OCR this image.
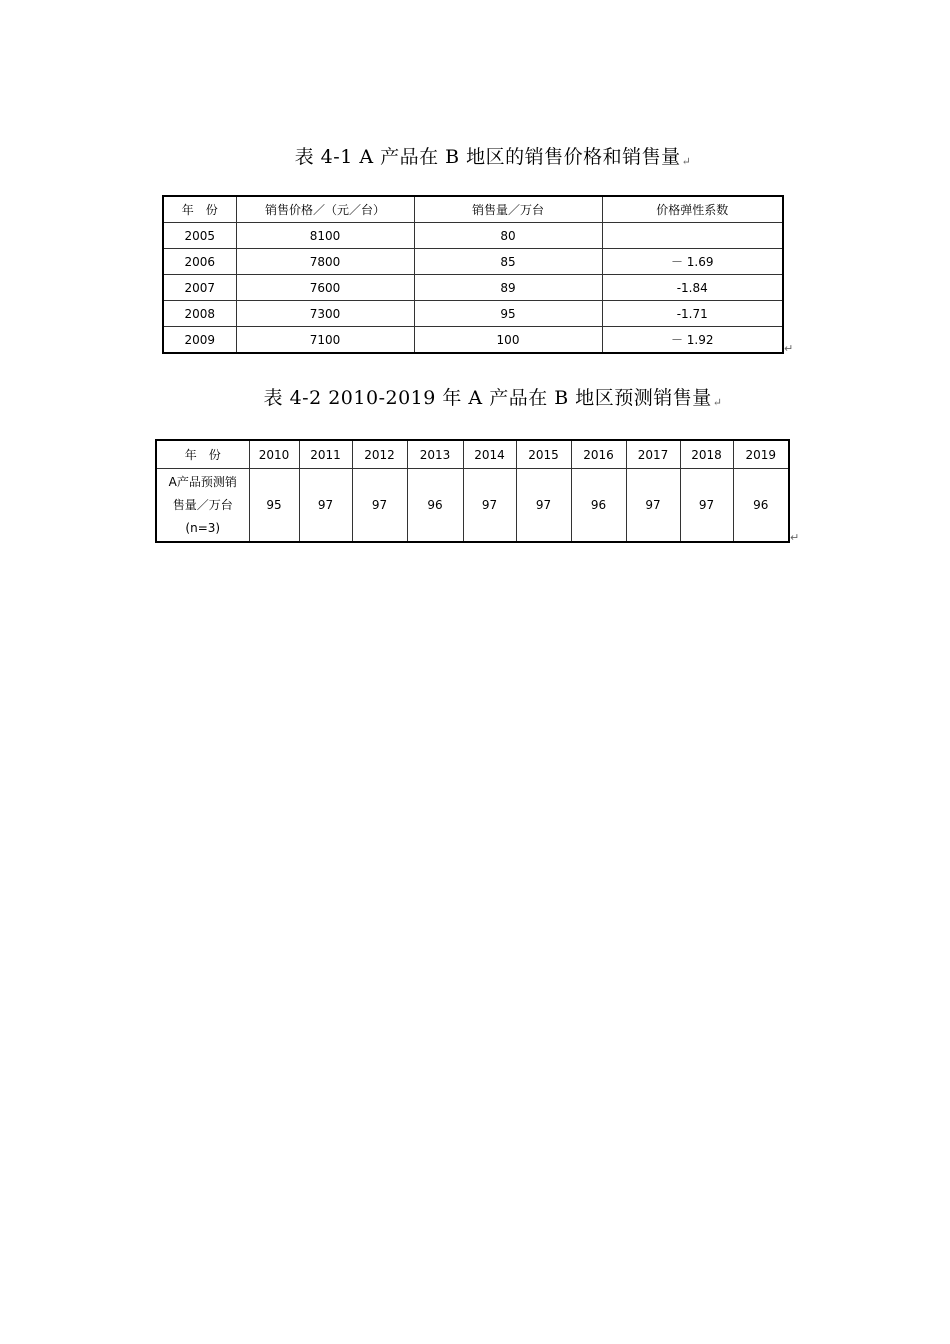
表 4-1 A 产品在 B 地区的销售价格和销售量↵
年　份	销售价格／（元／台）	销售量／万台	价格弹性系数
2005	8100	80	
2006	7800	85	－ 1.69
2007	7600	89	-1.84
2008	7300	95	-1.71
2009	7100	100	－ 1.92
↵
表 4-2 2010-2019 年 A 产品在 B 地区预测销售量↵
年　份	2010	2011	2012	2013	2014	2015	2016	2017	2018	2019

A产品预测销
售量／万台
(n=3)	95	97	97	96	97	97	96	97	97	96
↵
